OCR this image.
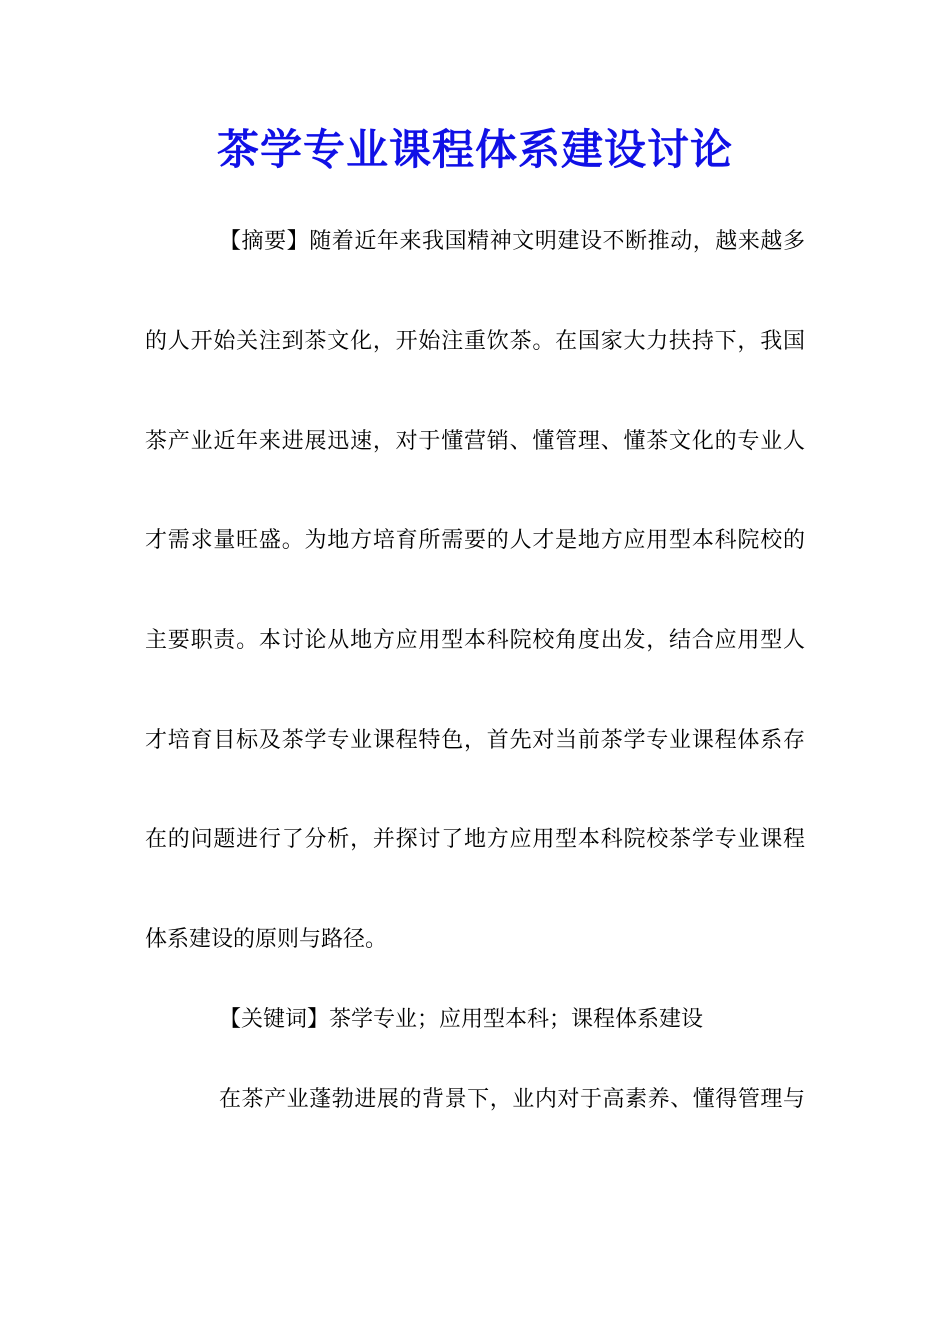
茶学专业课程体系建设讨论
【摘要】随着近年来我国精神文明建设不断推动，越来越多
的人开始关注到茶文化，开始注重饮茶。在国家大力扶持下，我国
茶产业近年来进展迅速，对于懂营销、懂管理、懂茶文化的专业人
才需求量旺盛。为地方培育所需要的人才是地方应用型本科院校的
主要职责。本讨论从地方应用型本科院校角度出发，结合应用型人
才培育目标及茶学专业课程特色，首先对当前茶学专业课程体系存
在的问题进行了分析，并探讨了地方应用型本科院校茶学专业课程
体系建设的原则与路径。
【关键词】茶学专业；应用型本科；课程体系建设
在茶产业蓬勃进展的背景下，业内对于高素养、懂得管理与
